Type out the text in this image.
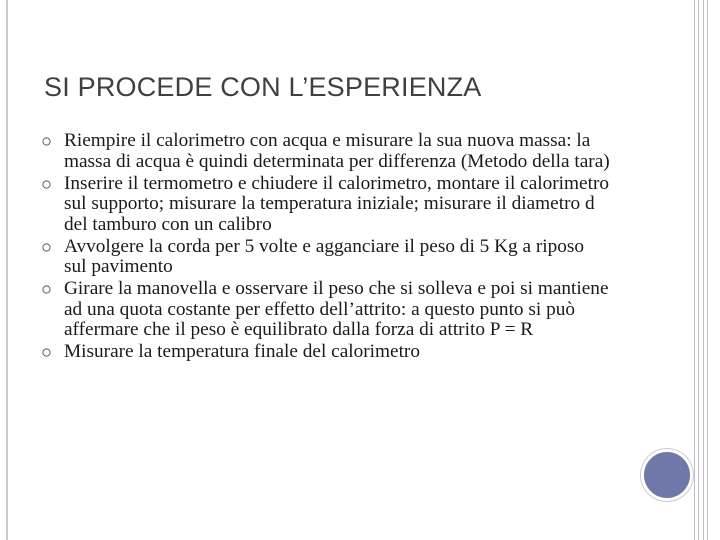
SI PROCEDE CON L’ESPERIENZA
Riempire il calorimetro con acqua e misurare la sua nuova massa: la massa di acqua è quindi determinata per differenza (Metodo della tara)
Inserire il termometro e chiudere il calorimetro, montare il calorimetro sul supporto; misurare la temperatura iniziale; misurare il diametro d del tamburo con un calibro
Avvolgere la corda per 5 volte e agganciare il peso di 5 Kg a riposo sul pavimento
Girare la manovella e osservare il peso che si solleva e poi si mantiene ad una quota costante per effetto dell’attrito: a questo punto si può affermare che il peso è equilibrato dalla forza di attrito P = R
Misurare la temperatura finale del calorimetro
